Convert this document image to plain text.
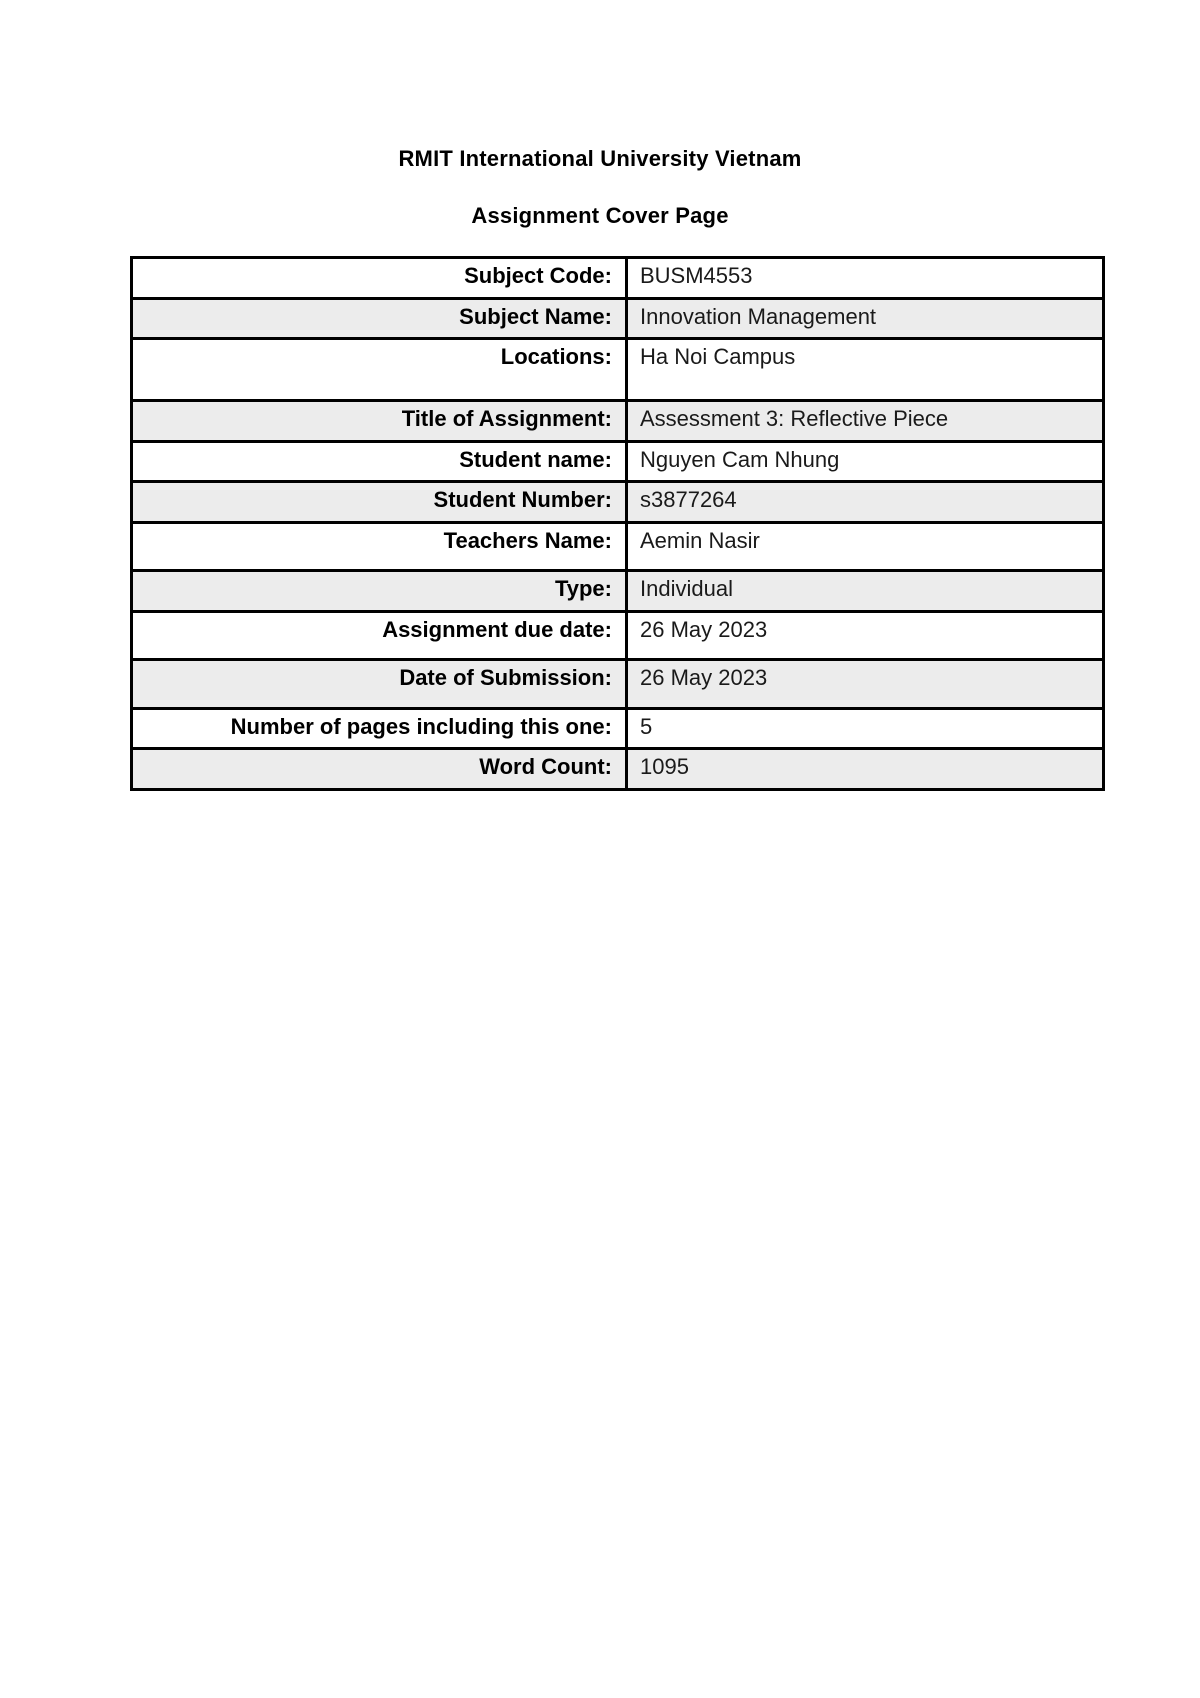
RMIT International University Vietnam
Assignment Cover Page
Subject Code:	BUSM4553
Subject Name:	Innovation Management
Locations:	Ha Noi Campus
Title of Assignment:	Assessment 3: Reflective Piece
Student name:	Nguyen Cam Nhung
Student Number:	s3877264
Teachers Name:	Aemin Nasir
Type:	Individual
Assignment due date:	26 May 2023
Date of Submission:	26 May 2023
Number of pages including this one:	5
Word Count:	1095
